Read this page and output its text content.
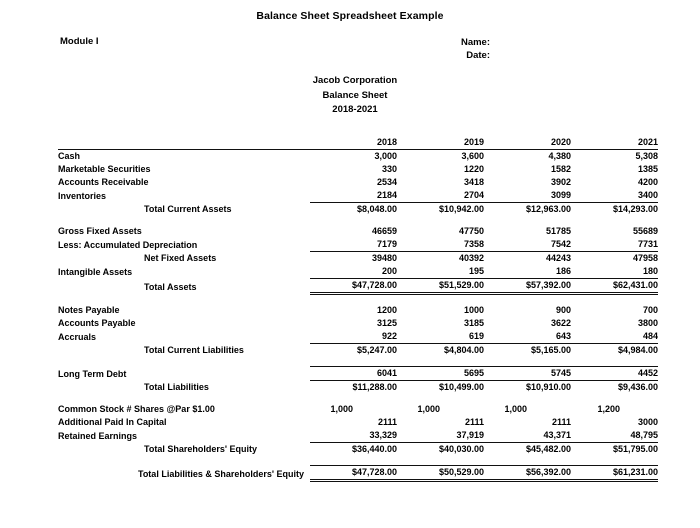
Balance Sheet Spreadsheet Example
Module I	Name:
Date:
Jacob Corporation
Balance Sheet
2018-2021
	2018	2019	2020	2021
Cash	3,000	3,600	4,380	5,308
Marketable Securities	330	1220	1582	1385
Accounts Receivable	2534	3418	3902	4200
Inventories	2184	2704	3099	3400
Total Current Assets	$8,048.00	$10,942.00	$12,963.00	$14,293.00

Gross Fixed Assets	46659	47750	51785	55689
Less: Accumulated Depreciation	7179	7358	7542	7731
Net Fixed Assets	39480	40392	44243	47958
Intangible Assets	200	195	186	180
Total Assets	$47,728.00	$51,529.00	$57,392.00	$62,431.00

Notes Payable	1200	1000	900	700
Accounts Payable	3125	3185	3622	3800
Accruals	922	619	643	484
Total Current Liabilities	$5,247.00	$4,804.00	$5,165.00	$4,984.00

Long Term Debt	6041	5695	5745	4452
Total Liabilities	$11,288.00	$10,499.00	$10,910.00	$9,436.00

Common Stock # Shares @Par $1.00	1,000	1,000	1,000	1,200
Additional Paid In Capital	2111	2111	2111	3000
Retained Earnings	33,329	37,919	43,371	48,795
Total Shareholders' Equity	$36,440.00	$40,030.00	$45,482.00	$51,795.00

Total Liabilities & Shareholders' Equity	$47,728.00	$50,529.00	$56,392.00	$61,231.00
